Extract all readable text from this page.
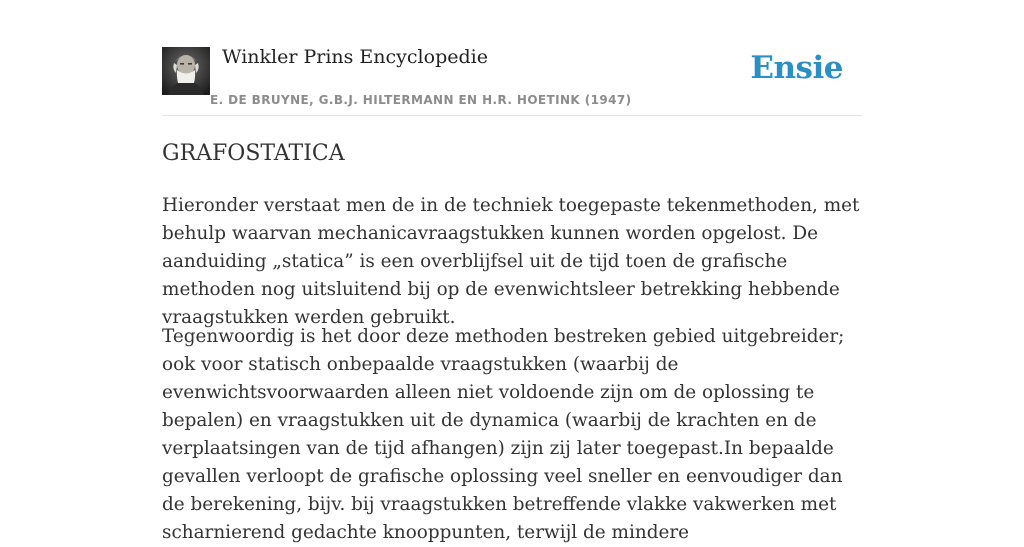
Winkler Prins Encyclopedie
E. DE BRUYNE, G.B.J. HILTERMANN EN H.R. HOETINK (1947)
Ensie
GRAFOSTATICA

Hieronder verstaat men de in de techniek toegepaste tekenmethoden, met behulp waarvan mechanicavraagstukken kunnen worden opgelost. De aanduiding „statica” is een overblijfsel uit de tijd toen de grafische methoden nog uitsluitend bij op de evenwichtsleer betrekking hebbende vraagstukken werden gebruikt.

Tegenwoordig is het door deze methoden bestreken gebied uitgebreider; ook voor statisch onbepaalde vraagstukken (waarbij de evenwichtsvoorwaarden alleen niet voldoende zijn om de oplossing te bepalen) en vraagstukken uit de dynamica (waarbij de krachten en de verplaatsingen van de tijd afhangen) zijn zij later toegepast.In bepaalde gevallen verloopt de grafische oplossing veel sneller en eenvoudiger dan de berekening, bijv. bij vraagstukken betreffende vlakke vakwerken met scharnierend gedachte knooppunten, terwijl de mindere
